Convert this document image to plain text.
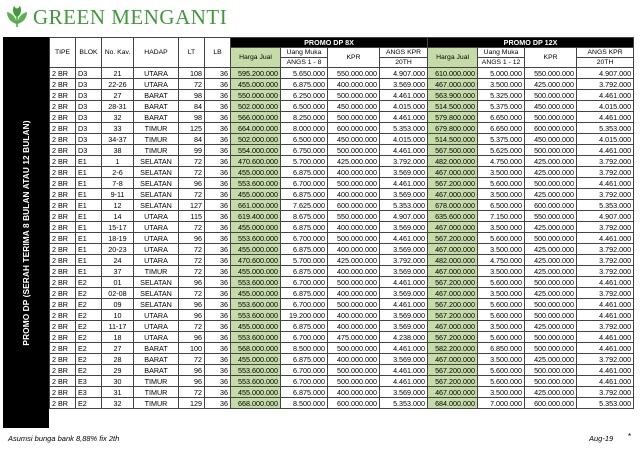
GREEN MENGANTI
PROMO DP (SERAH TERIMA 8 BULAN ATAU 12 BULAN)
TIPE	BLOK	No. Kav.	HADAP	LT	LB	PROMO DP 8X				PROMO DP 12X			
						Harga Jual	Uang Muka	KPR	ANGS KPR	Harga Jual	Uang Muka	KPR	ANGS KPR
							ANGS 1 - 8		20TH		ANGS 1 - 12		20TH
2 BR	D3	21	UTARA	108	36	595.200.000	5.650.000	550.000.000	4.907.000	610.000.000	5.000.000	550.000.000	4.907.000
2 BR	D3	22-26	UTARA	72	36	455.000.000	6.875.000	400.000.000	3.569.000	467.000.000	3.500.000	425.000.000	3.792.000
2 BR	D3	27	BARAT	98	36	550.000.000	6.250.000	500.000.000	4.461.000	563.900.000	5.325.000	500.000.000	4.461.000
2 BR	D3	28-31	BARAT	84	36	502.000.000	6.500.000	450.000.000	4.015.000	514.500.000	5.375.000	450.000.000	4.015.000
2 BR	D3	32	BARAT	98	36	566.000.000	8.250.000	500.000.000	4.461.000	579.800.000	6.650.000	500.000.000	4.461.000
2 BR	D3	33	TIMUR	125	36	664.000.000	8.000.000	600.000.000	5.353.000	679.800.000	6.650.000	600.000.000	5.353.000
2 BR	D3	34-37	TIMUR	84	36	502.000.000	6.500.000	450.000.000	4.015.000	514.500.000	5.375.000	450.000.000	4.015.000
2 BR	D3	38	TIMUR	99	36	554.000.000	6.750.000	500.000.000	4.461.000	567.500.000	5.625.000	500.000.000	4.461.000
2 BR	E1	1	SELATAN	72	36	470.600.000	5.700.000	425.000.000	3.792.000	482.000.000	4.750.000	425.000.000	3.792.000
2 BR	E1	2-6	SELATAN	72	36	455.000.000	6.875.000	400.000.000	3.569.000	467.000.000	3.500.000	425.000.000	3.792.000
2 BR	E1	7-8	SELATAN	96	36	553.600.000	6.700.000	500.000.000	4.461.000	567.200.000	5.600.000	500.000.000	4.461.000
2 BR	E1	9-11	SELATAN	72	36	455.000.000	6.875.000	400.000.000	3.569.000	467.000.000	3.500.000	425.000.000	3.792.000
2 BR	E1	12	SELATAN	127	36	661.000.000	7.625.000	600.000.000	5.353.000	678.000.000	6.500.000	600.000.000	5.353.000
2 BR	E1	14	UTARA	115	36	619.400.000	8.675.000	550.000.000	4.907.000	635.600.000	7.150.000	550.000.000	4.907.000
2 BR	E1	15-17	UTARA	72	36	455.000.000	6.875.000	400.000.000	3.569.000	467.000.000	3.500.000	425.000.000	3.792.000
2 BR	E1	18-19	UTARA	96	36	553.600.000	6.700.000	500.000.000	4.461.000	567.200.000	5.600.000	500.000.000	4.461.000
2 BR	E1	20-23	UTARA	72	36	455.000.000	6.875.000	400.000.000	3.569.000	467.000.000	3.500.000	425.000.000	3.792.000
2 BR	E1	24	UTARA	72	36	470.600.000	5.700.000	425.000.000	3.792.000	482.000.000	4.750.000	425.000.000	3.792.000
2 BR	E1	37	TIMUR	72	36	455.000.000	6.875.000	400.000.000	3.569.000	467.000.000	3.500.000	425.000.000	3.792.000
2 BR	E2	01	SELATAN	96	36	553.600.000	6.700.000	500.000.000	4.461.000	567.200.000	5.600.000	500.000.000	4.461.000
2 BR	E2	02-08	SELATAN	72	36	455.000.000	6.875.000	400.000.000	3.569.000	467.000.000	3.500.000	425.000.000	3.792.000
2 BR	E2	09	SELATAN	96	36	553.600.000	6.700.000	500.000.000	4.461.000	567.200.000	5.600.000	500.000.000	4.461.000
2 BR	E2	10	UTARA	96	36	553.600.000	19.200.000	400.000.000	3.569.000	567.200.000	5.600.000	500.000.000	4.461.000
2 BR	E2	11-17	UTARA	72	36	455.000.000	6.875.000	400.000.000	3.569.000	467.000.000	3.500.000	425.000.000	3.792.000
2 BR	E2	18	UTARA	96	36	553.600.000	6.700.000	475.000.000	4.238.000	567.200.000	5.600.000	500.000.000	4.461.000
2 BR	E2	27	BARAT	100	36	568.000.000	8.500.000	500.000.000	4.461.000	582.200.000	6.850.000	500.000.000	4.461.000
2 BR	E2	28	BARAT	72	36	455.000.000	6.875.000	400.000.000	3.569.000	467.000.000	3.500.000	425.000.000	3.792.000
2 BR	E2	29	BARAT	96	36	553.600.000	6.700.000	500.000.000	4.461.000	567.200.000	5.600.000	500.000.000	4.461.000
2 BR	E3	30	TIMUR	96	36	553.600.000	6.700.000	500.000.000	4.461.000	567.200.000	5.600.000	500.000.000	4.461.000
2 BR	E3	31	TIMUR	72	36	455.000.000	6.875.000	400.000.000	3.569.000	467.000.000	3.500.000	425.000.000	3.792.000
2 BR	E2	32	TIMUR	129	36	668.000.000	8.500.000	600.000.000	5.353.000	684.000.000	7.000.000	600.000.000	5.353.000
Asumsi bunga bank 8,88% fix 2th	Aug-19 *
